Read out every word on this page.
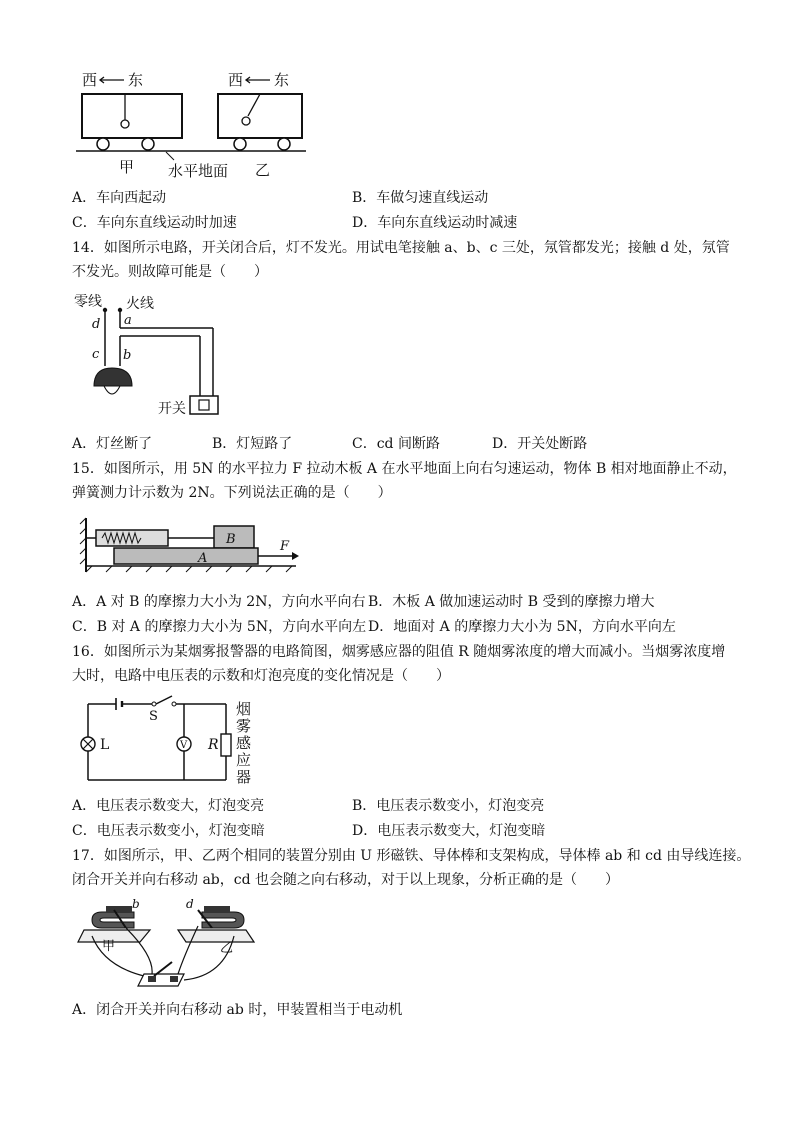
西 东	西 东
甲 水平地面 乙
A．车向西起动	B．车做匀速直线运动
C．车向东直线运动时加速	D．车向东直线运动时减速
14．如图所示电路，开关闭合后，灯不发光。用试电笔接触 a、b、c 三处，氖管都发光；接触 d 处，氖管
不发光。则故障可能是（　　）
零线 火线
a
d
c b
开关
A．灯丝断了	B．灯短路了	C．cd 间断路	D．开关处断路
15．如图所示，用 5N 的水平拉力 F 拉动木板 A 在水平地面上向右匀速运动，物体 B 相对地面静止不动，
弹簧测力计示数为 2N。下列说法正确的是（　　）
B
A
F
A．A 对 B 的摩擦力大小为 2N，方向水平向右 B．木板 A 做加速运动时 B 受到的摩擦力增大
C．B 对 A 的摩擦力大小为 5N，方向水平向左 D．地面对 A 的摩擦力大小为 5N，方向水平向左
16．如图所示为某烟雾报警器的电路简图，烟雾感应器的阻值 R 随烟雾浓度的增大而减小。当烟雾浓度增
大时，电路中电压表的示数和灯泡亮度的变化情况是（　　）
S
L	V R
烟
雾
感
应
器
A．电压表示数变大，灯泡变亮	B．电压表示数变小，灯泡变亮
C．电压表示数变小，灯泡变暗	D．电压表示数变大，灯泡变暗
17．如图所示，甲、乙两个相同的装置分别由 U 形磁铁、导体棒和支架构成，导体棒 ab 和 cd 由导线连接。
闭合开关并向右移动 ab，cd 也会随之向右移动，对于以上现象，分析正确的是（　　）
b
甲
d
乙
A．闭合开关并向右移动 ab 时，甲装置相当于电动机
